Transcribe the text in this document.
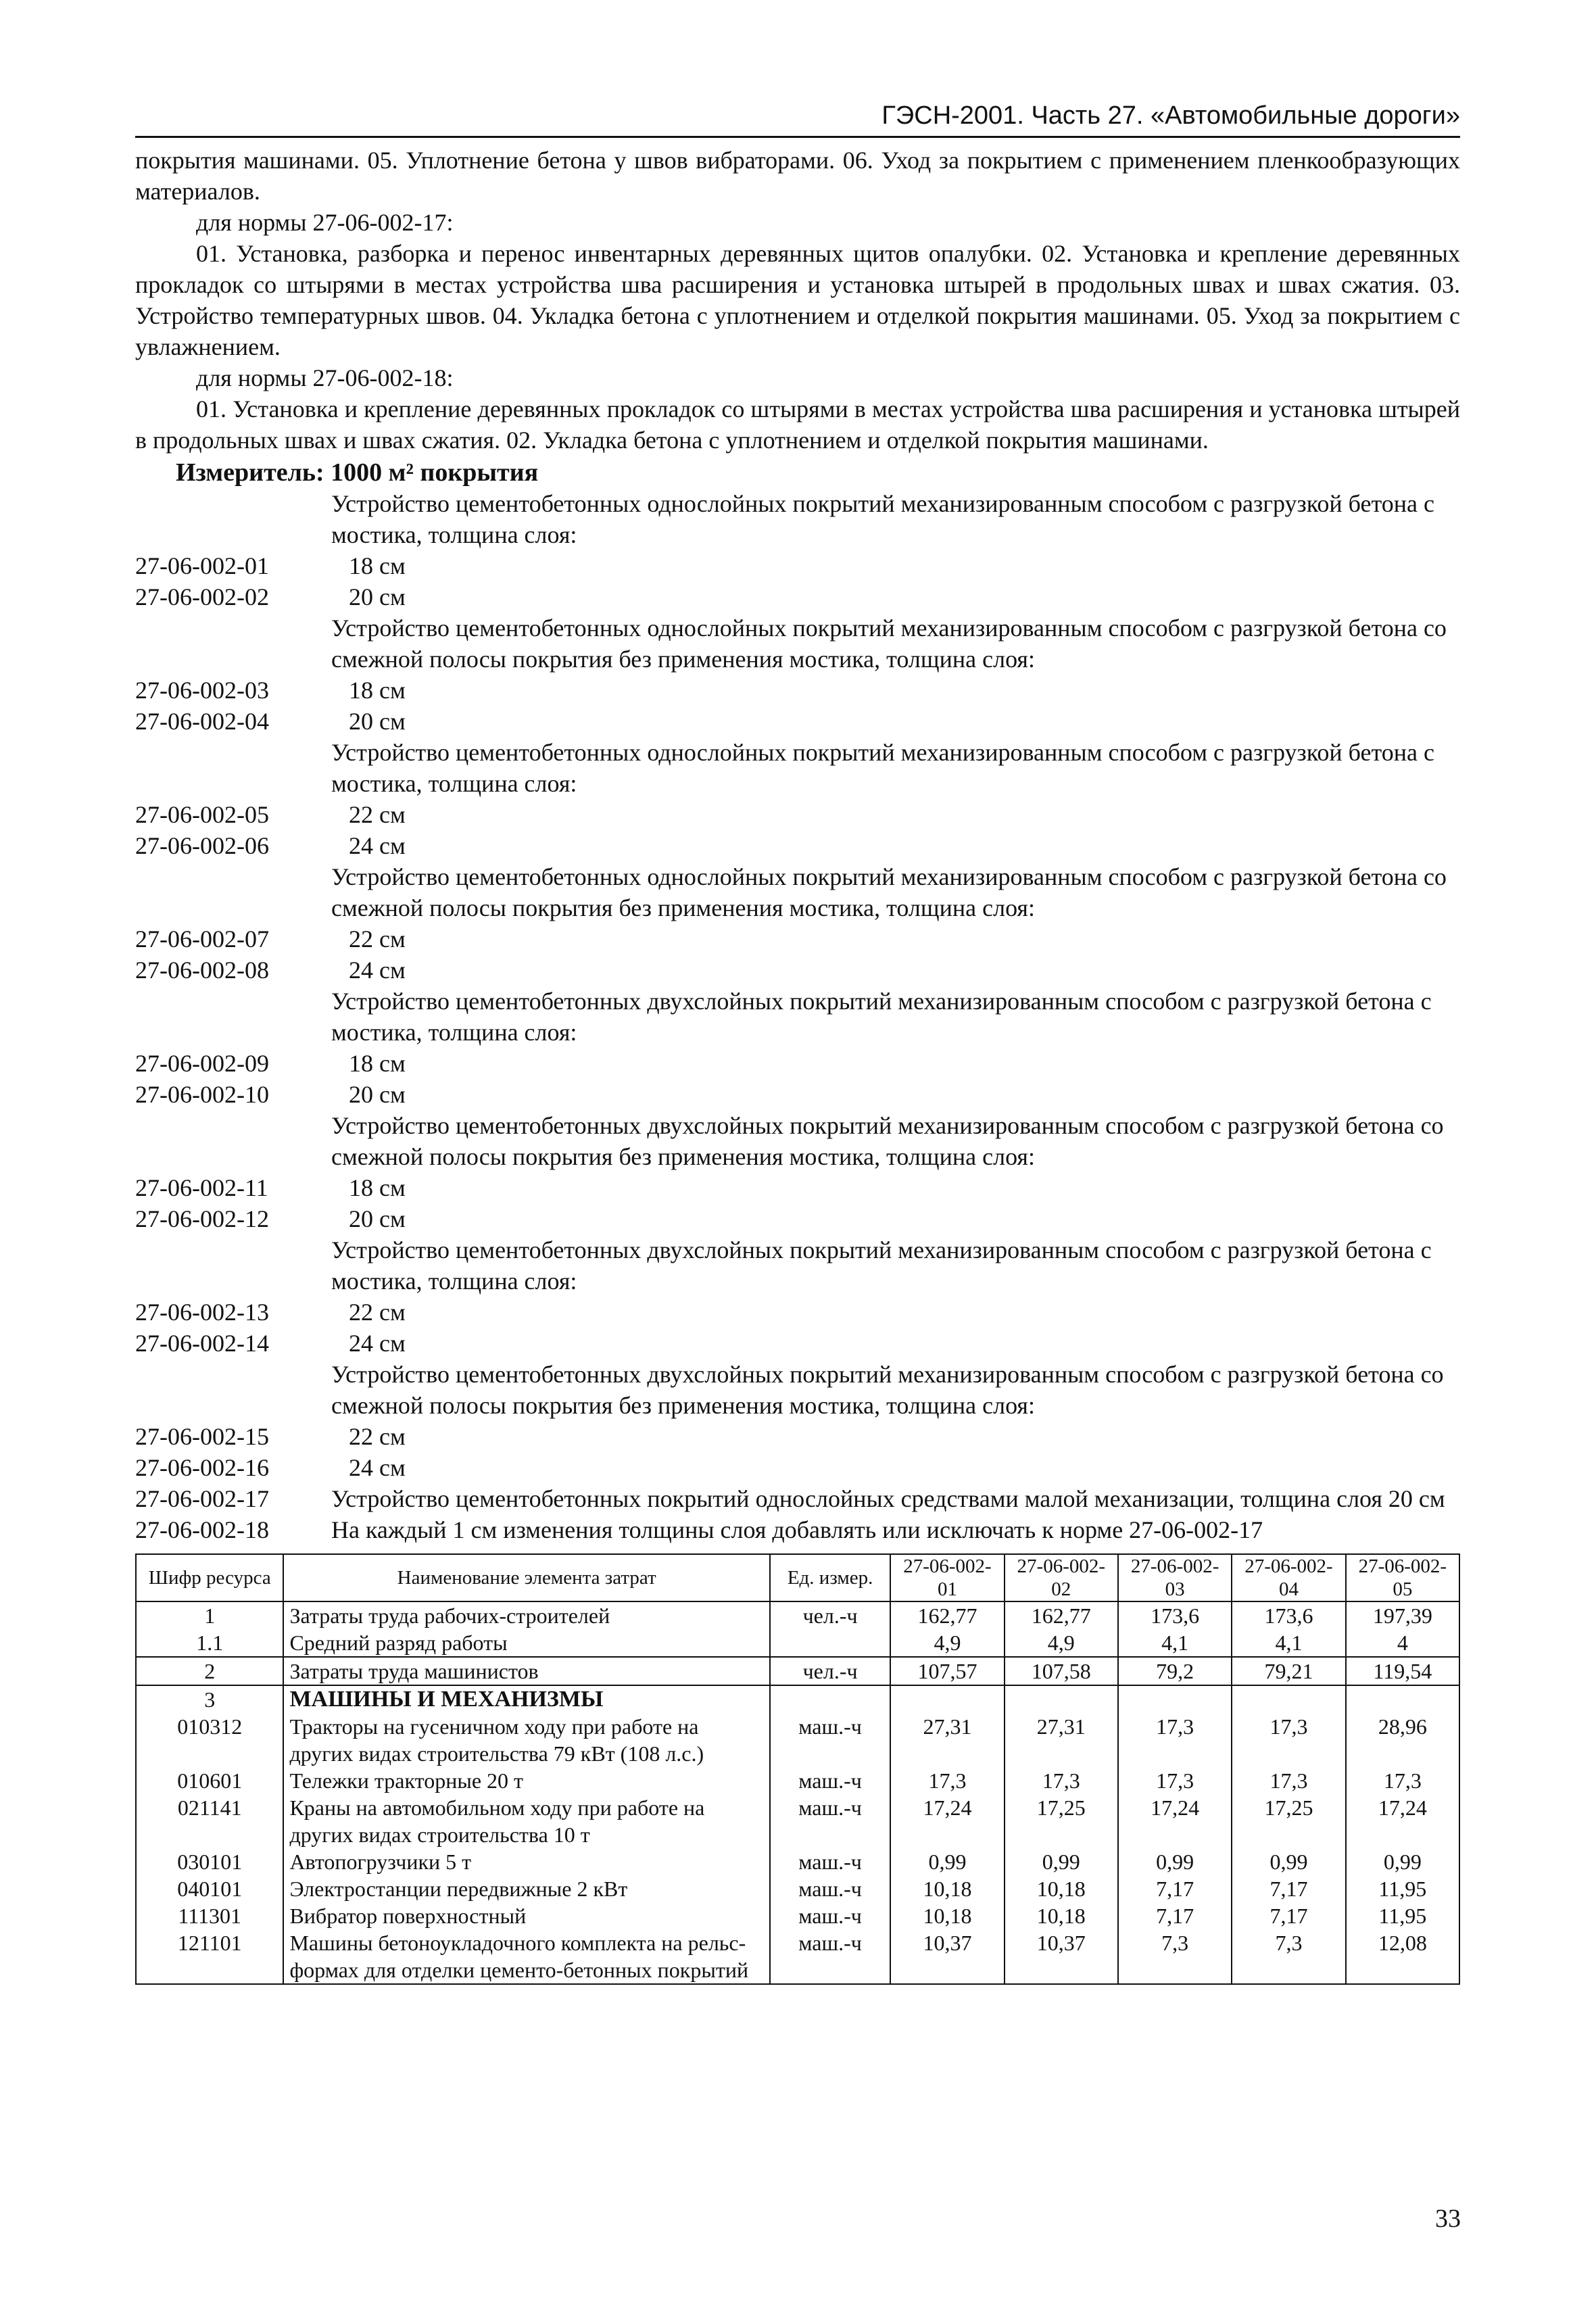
ГЭСН-2001. Часть 27. «Автомобильные дороги»
покрытия машинами. 05. Уплотнение бетона у швов вибраторами. 06. Уход за покрытием с применением пленкообразующих материалов.
для нормы 27-06-002-17:
01. Установка, разборка и перенос инвентарных деревянных щитов опалубки. 02. Установка и крепление деревянных прокладок со штырями в местах устройства шва расширения и установка штырей в продольных швах и швах сжатия. 03. Устройство температурных швов. 04. Укладка бетона с уплотнением и отделкой покрытия машинами. 05. Уход за покрытием с увлажнением.
для нормы 27-06-002-18:
01. Установка и крепление деревянных прокладок со штырями в местах устройства шва расширения и установка штырей в продольных швах и швах сжатия. 02. Укладка бетона с уплотнением и отделкой покрытия машинами.
Измеритель: 1000 м² покрытия
Устройство цементобетонных однослойных покрытий механизированным способом с разгрузкой бетона с мостика, толщина слоя:
27-06-002-01	18 см
27-06-002-02	20 см
Устройство цементобетонных однослойных покрытий механизированным способом с разгрузкой бетона со смежной полосы покрытия без применения мостика, толщина слоя:
27-06-002-03	18 см
27-06-002-04	20 см
Устройство цементобетонных однослойных покрытий механизированным способом с разгрузкой бетона с мостика, толщина слоя:
27-06-002-05	22 см
27-06-002-06	24 см
Устройство цементобетонных однослойных покрытий механизированным способом с разгрузкой бетона со смежной полосы покрытия без применения мостика, толщина слоя:
27-06-002-07	22 см
27-06-002-08	24 см
Устройство цементобетонных двухслойных покрытий механизированным способом с разгрузкой бетона с мостика, толщина слоя:
27-06-002-09	18 см
27-06-002-10	20 см
Устройство цементобетонных двухслойных покрытий механизированным способом с разгрузкой бетона со смежной полосы покрытия без применения мостика, толщина слоя:
27-06-002-11	18 см
27-06-002-12	20 см
Устройство цементобетонных двухслойных покрытий механизированным способом с разгрузкой бетона с мостика, толщина слоя:
27-06-002-13	22 см
27-06-002-14	24 см
Устройство цементобетонных двухслойных покрытий механизированным способом с разгрузкой бетона со смежной полосы покрытия без применения мостика, толщина слоя:
27-06-002-15	22 см
27-06-002-16	24 см
27-06-002-17	Устройство цементобетонных покрытий однослойных средствами малой механизации, толщина слоя 20 см
27-06-002-18	На каждый 1 см изменения толщины слоя добавлять или исключать к норме 27-06-002-17
Шифр ресурса	Наименование элемента затрат	Ед. измер.	27-06-002-01	27-06-002-02	27-06-002-03	27-06-002-04	27-06-002-05
1	Затраты труда рабочих-строителей	чел.-ч	162,77	162,77	173,6	173,6	197,39
1.1	Средний разряд работы		4,9	4,9	4,1	4,1	4
2	Затраты труда машинистов	чел.-ч	107,57	107,58	79,2	79,21	119,54
3	МАШИНЫ И МЕХАНИЗМЫ						
010312	Тракторы на гусеничном ходу при работе на других видах строительства 79 кВт (108 л.с.)	маш.-ч	27,31	27,31	17,3	17,3	28,96
010601	Тележки тракторные 20 т	маш.-ч	17,3	17,3	17,3	17,3	17,3
021141	Краны на автомобильном ходу при работе на других видах строительства 10 т	маш.-ч	17,24	17,25	17,24	17,25	17,24
030101	Автопогрузчики 5 т	маш.-ч	0,99	0,99	0,99	0,99	0,99
040101	Электростанции передвижные 2 кВт	маш.-ч	10,18	10,18	7,17	7,17	11,95
111301	Вибратор поверхностный	маш.-ч	10,18	10,18	7,17	7,17	11,95
121101	Машины бетоноукладочного комплекта на рельс-формах для отделки цементо-бетонных покрытий	маш.-ч	10,37	10,37	7,3	7,3	12,08
33
